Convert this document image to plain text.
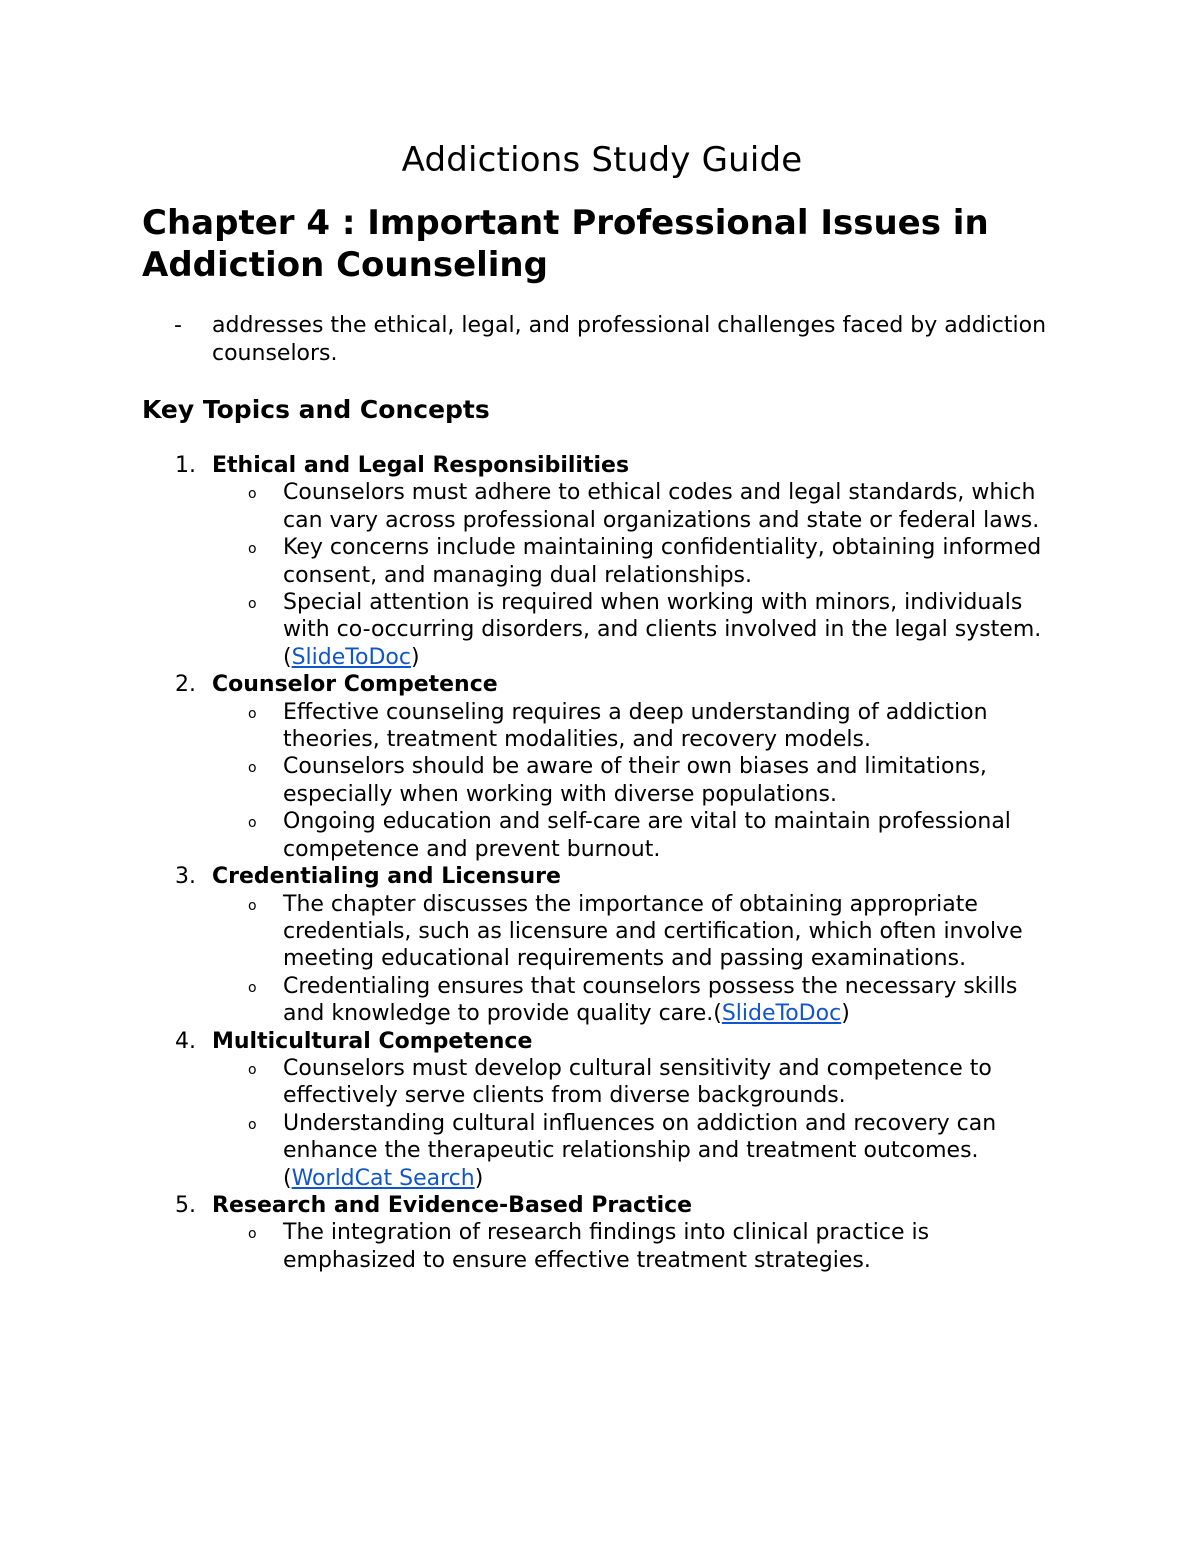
Addictions Study Guide
Chapter 4 : Important Professional Issues in Addiction Counseling
- addresses the ethical, legal, and professional challenges faced by addiction counselors.
Key Topics and Concepts
1. Ethical and Legal Responsibilities
o Counselors must adhere to ethical codes and legal standards, which can vary across professional organizations and state or federal laws.
o Key concerns include maintaining confidentiality, obtaining informed consent, and managing dual relationships.
o Special attention is required when working with minors, individuals with co-occurring disorders, and clients involved in the legal system.(SlideToDoc)
2. Counselor Competence
o Effective counseling requires a deep understanding of addiction theories, treatment modalities, and recovery models.
o Counselors should be aware of their own biases and limitations, especially when working with diverse populations.
o Ongoing education and self-care are vital to maintain professional competence and prevent burnout.
3. Credentialing and Licensure
o The chapter discusses the importance of obtaining appropriate credentials, such as licensure and certification, which often involve meeting educational requirements and passing examinations.
o Credentialing ensures that counselors possess the necessary skills and knowledge to provide quality care.(SlideToDoc)
4. Multicultural Competence
o Counselors must develop cultural sensitivity and competence to effectively serve clients from diverse backgrounds.
o Understanding cultural influences on addiction and recovery can enhance the therapeutic relationship and treatment outcomes. (WorldCat Search)
5. Research and Evidence-Based Practice
o The integration of research findings into clinical practice is emphasized to ensure effective treatment strategies.
